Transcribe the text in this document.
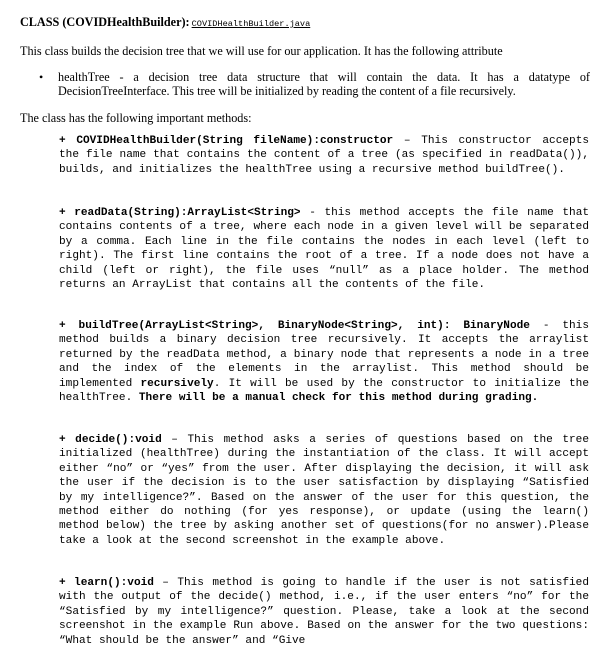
CLASS (COVIDHealthBuilder): COVIDHealthBuilder.java
This class builds the decision tree that we will use for our application. It has the following attribute
• healthTree - a decision tree data structure that will contain the data. It has a datatype of DecisionTreeInterface. This tree will be initialized by reading the content of a file recursively.
The class has the following important methods:
+ COVIDHealthBuilder(String fileName):constructor – This constructor accepts the file name that contains the content of a tree (as specified in readData()), builds, and initializes the healthTree using a recursive method buildTree().
+ readData(String):ArrayList<String> - this method accepts the file name that contains contents of a tree, where each node in a given level will be separated by a comma. Each line in the file contains the nodes in each level (left to right). The first line contains the root of a tree. If a node does not have a child (left or right), the file uses “null” as a place holder. The method returns an ArrayList that contains all the contents of the file.
+ buildTree(ArrayList<String>, BinaryNode<String>, int): BinaryNode - this method builds a binary decision tree recursively. It accepts the arraylist returned by the readData method, a binary node that represents a node in a tree and the index of the elements in the arraylist. This method should be implemented recursively. It will be used by the constructor to initialize the healthTree. There will be a manual check for this method during grading.
+ decide():void – This method asks a series of questions based on the tree initialized (healthTree) during the instantiation of the class. It will accept either “no” or “yes” from the user. After displaying the decision, it will ask the user if the decision is to the user satisfaction by displaying “Satisfied by my intelligence?”. Based on the answer of the user for this question, the method either do nothing (for yes response), or update (using the learn() method below) the tree by asking another set of questions(for no answer).Please take a look at the second screenshot in the example above.
+ learn():void – This method is going to handle if the user is not satisfied with the output of the decide() method, i.e., if the user enters “no” for the “Satisfied by my intelligence?” question. Please, take a look at the second screenshot in the example Run above. Based on the answer for the two questions: “What should be the answer” and “Give
